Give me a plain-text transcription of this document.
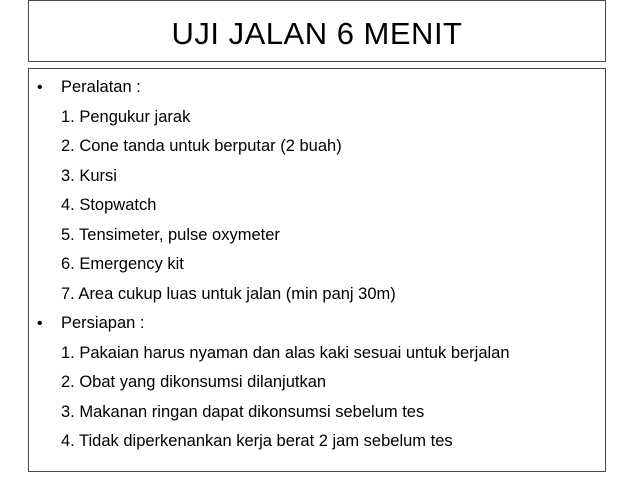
UJI JALAN 6 MENIT
•	Peralatan :
1. Pengukur jarak
2. Cone tanda untuk berputar (2 buah)
3. Kursi
4. Stopwatch
5. Tensimeter, pulse oxymeter
6. Emergency kit
7. Area cukup luas untuk jalan (min panj 30m)
•	Persiapan :
1. Pakaian harus nyaman dan alas kaki sesuai untuk berjalan
2. Obat yang dikonsumsi dilanjutkan
3. Makanan ringan dapat dikonsumsi sebelum tes
4. Tidak diperkenankan kerja berat 2 jam sebelum tes
